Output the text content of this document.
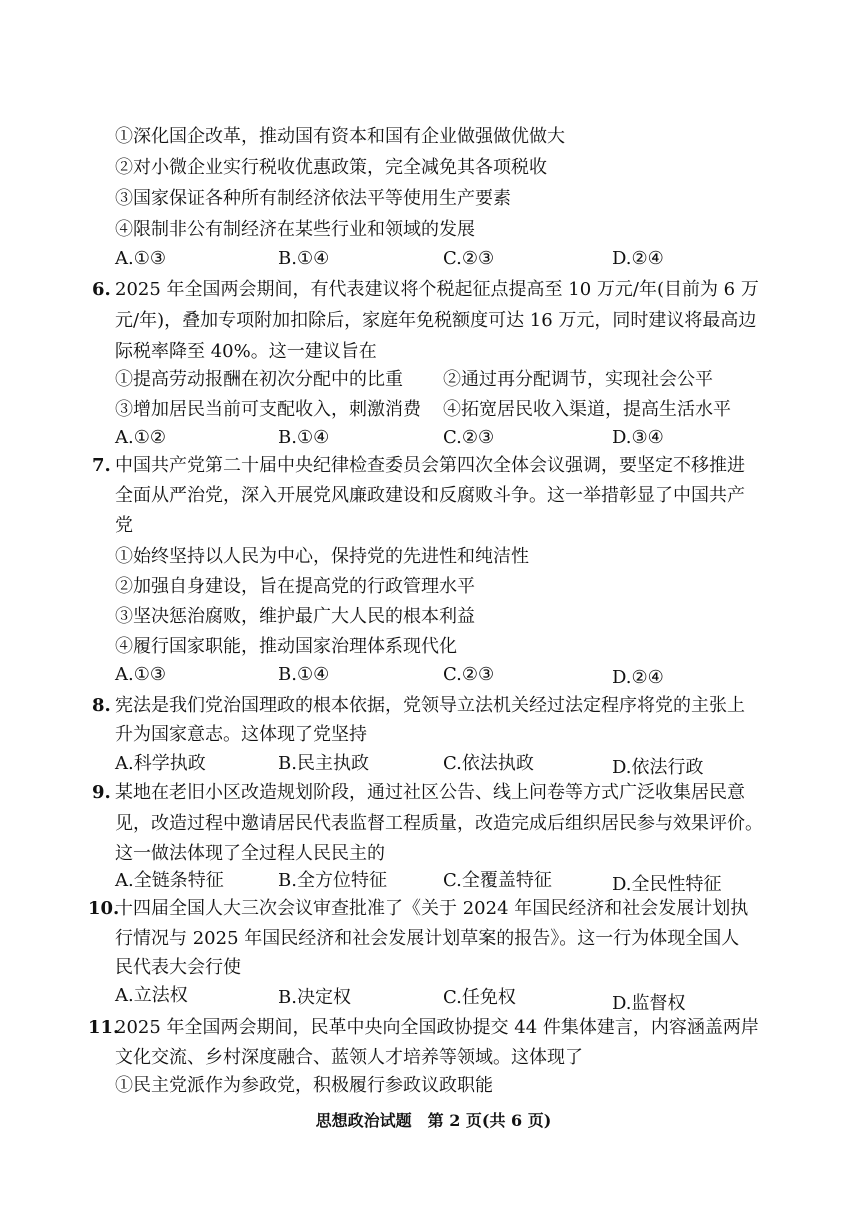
①深化国企改革，推动国有资本和国有企业做强做优做大
②对小微企业实行税收优惠政策，完全减免其各项税收
③国家保证各种所有制经济依法平等使用生产要素
④限制非公有制经济在某些行业和领域的发展
A.①③	B.①④	C.②③	D.②④
6. 2025 年全国两会期间，有代表建议将个税起征点提高至 10 万元/年(目前为 6 万
元/年)，叠加专项附加扣除后，家庭年免税额度可达 16 万元，同时建议将最高边
际税率降至 40%。这一建议旨在
①提高劳动报酬在初次分配中的比重 ②通过再分配调节，实现社会公平
③增加居民当前可支配收入，刺激消费 ④拓宽居民收入渠道，提高生活水平
A.①②	B.①④	C.②③	D.③④
7. 中国共产党第二十届中央纪律检查委员会第四次全体会议强调，要坚定不移推进
全面从严治党，深入开展党风廉政建设和反腐败斗争。这一举措彰显了中国共产
党
①始终坚持以人民为中心，保持党的先进性和纯洁性
②加强自身建设，旨在提高党的行政管理水平
③坚决惩治腐败，维护最广大人民的根本利益
④履行国家职能，推动国家治理体系现代化
A.①③	B.①④	C.②③	D.②④
8. 宪法是我们党治国理政的根本依据，党领导立法机关经过法定程序将党的主张上
升为国家意志。这体现了党坚持
A.科学执政	B.民主执政	C.依法执政	D.依法行政
9. 某地在老旧小区改造规划阶段，通过社区公告、线上问卷等方式广泛收集居民意
见，改造过程中邀请居民代表监督工程质量，改造完成后组织居民参与效果评价。
这一做法体现了全过程人民民主的
A.全链条特征	B.全方位特征	C.全覆盖特征	D.全民性特征
10.
十四届全国人大三次会议审查批准了《关于 2024 年国民经济和社会发展计划执
行情况与 2025 年国民经济和社会发展计划草案的报告》。这一行为体现全国人
民代表大会行使
A.立法权	B.决定权	C.任免权	D.监督权
11.
2025 年全国两会期间，民革中央向全国政协提交 44 件集体建言，内容涵盖两岸
文化交流、乡村深度融合、蓝领人才培养等领域。这体现了
①民主党派作为参政党，积极履行参政议政职能
思想政治试题　第 2 页(共 6 页)
